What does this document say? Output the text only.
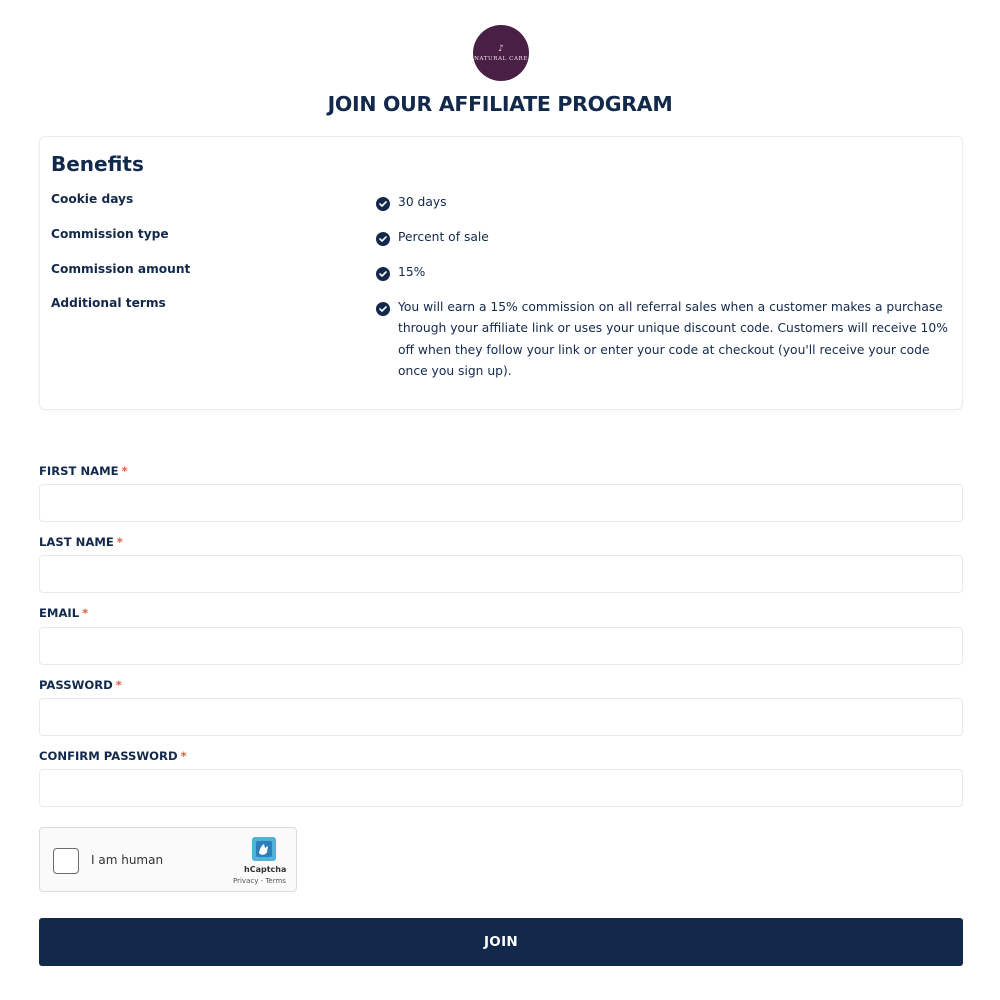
♪
NATURAL CARE
JOIN OUR AFFILIATE PROGRAM
Benefits
Cookie days	30 days
Commission type	Percent of sale
Commission amount	15%
Additional terms	You will earn a 15% commission on all referral sales when a customer makes a purchase through your affiliate link or uses your unique discount code. Customers will receive 10% off when they follow your link or enter your code at checkout (you'll receive your code once you sign up).
FIRST NAME *
LAST NAME *
EMAIL *
PASSWORD *
CONFIRM PASSWORD *
I am human
hCaptcha
Privacy - Terms
JOIN
